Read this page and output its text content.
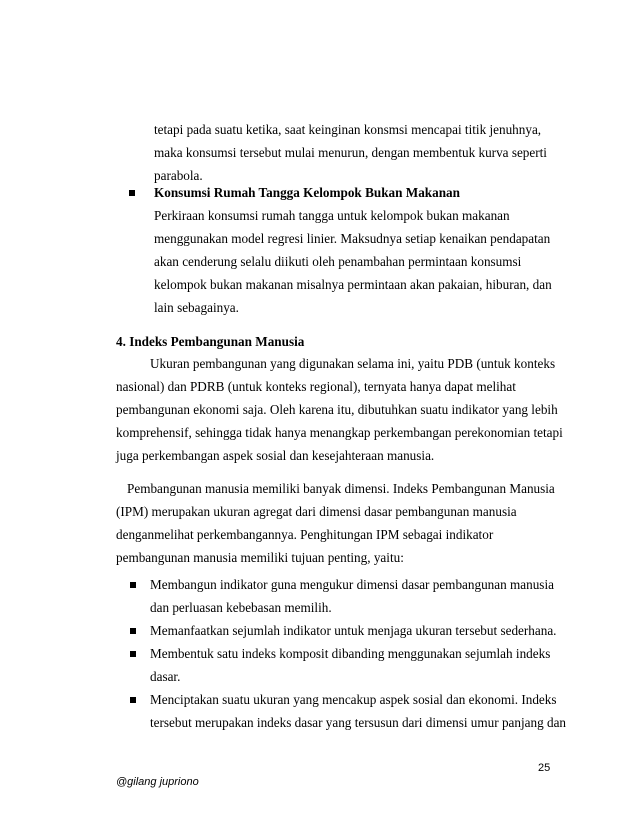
tetapi pada suatu ketika, saat keinginan konsmsi mencapai titik jenuhnya,
maka konsumsi tersebut mulai menurun, dengan membentuk kurva seperti
parabola.
Konsumsi Rumah Tangga Kelompok Bukan Makanan
Perkiraan konsumsi rumah tangga untuk kelompok bukan makanan
menggunakan model regresi linier. Maksudnya setiap kenaikan pendapatan
akan cenderung selalu diikuti oleh penambahan permintaan konsumsi
kelompok bukan makanan misalnya permintaan akan pakaian, hiburan, dan
lain sebagainya.
4. Indeks Pembangunan Manusia
Ukuran pembangunan yang digunakan selama ini, yaitu PDB (untuk konteks
nasional) dan PDRB (untuk konteks regional), ternyata hanya dapat melihat
pembangunan ekonomi saja. Oleh karena itu, dibutuhkan suatu indikator yang lebih
komprehensif, sehingga tidak hanya menangkap perkembangan perekonomian tetapi
juga perkembangan aspek sosial dan kesejahteraan manusia.
Pembangunan manusia memiliki banyak dimensi. Indeks Pembangunan Manusia
(IPM) merupakan ukuran agregat dari dimensi dasar pembangunan manusia
denganmelihat perkembangannya. Penghitungan IPM sebagai indikator
pembangunan manusia memiliki tujuan penting, yaitu:
Membangun indikator guna mengukur dimensi dasar pembangunan manusia
dan perluasan kebebasan memilih.
Memanfaatkan sejumlah indikator untuk menjaga ukuran tersebut sederhana.
Membentuk satu indeks komposit dibanding menggunakan sejumlah indeks
dasar.
Menciptakan suatu ukuran yang mencakup aspek sosial dan ekonomi. Indeks
tersebut merupakan indeks dasar yang tersusun dari dimensi umur panjang dan
25
@gilang jupriono
